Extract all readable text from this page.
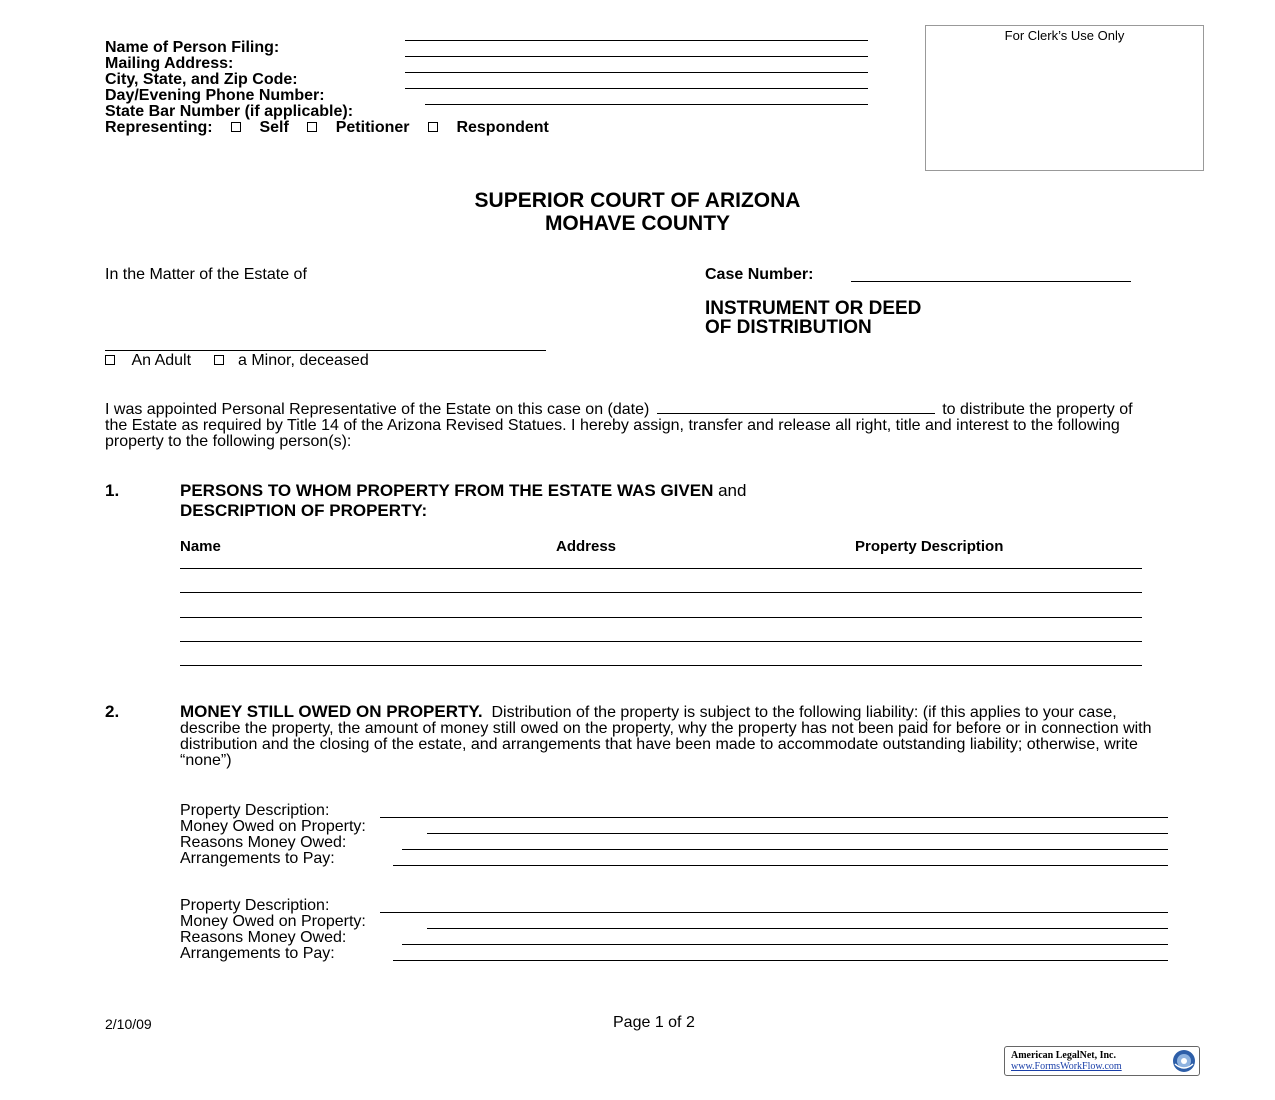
Name of Person Filing:
Mailing Address:
City, State, and Zip Code:
Day/Evening Phone Number:
State Bar Number (if applicable):
Representing:	Self	Petitioner	Respondent
For Clerk’s Use Only
SUPERIOR COURT OF ARIZONA
MOHAVE COUNTY
In the Matter of the Estate of
An Adult	a Minor, deceased
Case Number:
INSTRUMENT OR DEED
OF DISTRIBUTION
I was appointed Personal Representative of the Estate on this case on (date)	to distribute the property of the Estate as required by Title 14 of the Arizona Revised Statues. I hereby assign, transfer and release all right, title and interest to the following property to the following person(s):
1.	PERSONS TO WHOM PROPERTY FROM THE ESTATE WAS GIVEN and
DESCRIPTION OF PROPERTY:
Name	Address	Property Description
2.	MONEY STILL OWED ON PROPERTY. Distribution of the property is subject to the following liability: (if this applies to your case, describe the property, the amount of money still owed on the property, why the property has not been paid for before or in connection with distribution and the closing of the estate, and arrangements that have been made to accommodate outstanding liability; otherwise, write “none”)
Property Description:
Money Owed on Property:
Reasons Money Owed:
Arrangements to Pay:
Property Description:
Money Owed on Property:
Reasons Money Owed:
Arrangements to Pay:
2/10/09	Page 1 of 2
American LegalNet, Inc.
www.FormsWorkFlow.com
